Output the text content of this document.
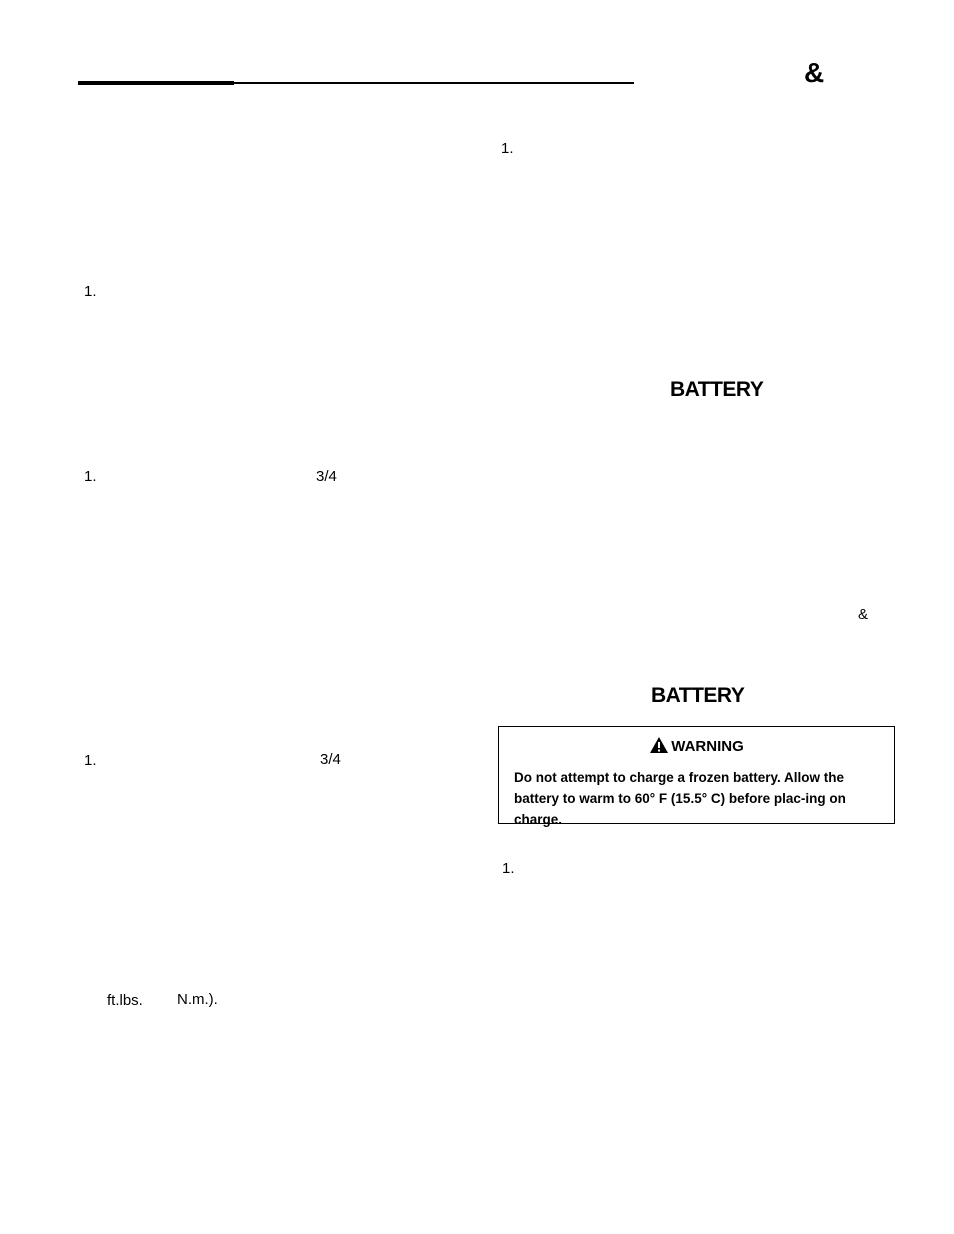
&
1.
1.	3/4
1.	3/4
ft.lbs. N.m.).
1.
BATTERY
&
BATTERY
WARNING
Do not attempt to charge a frozen battery. Allow the battery to warm to 60° F (15.5° C) before plac-ing on charge.
1.
